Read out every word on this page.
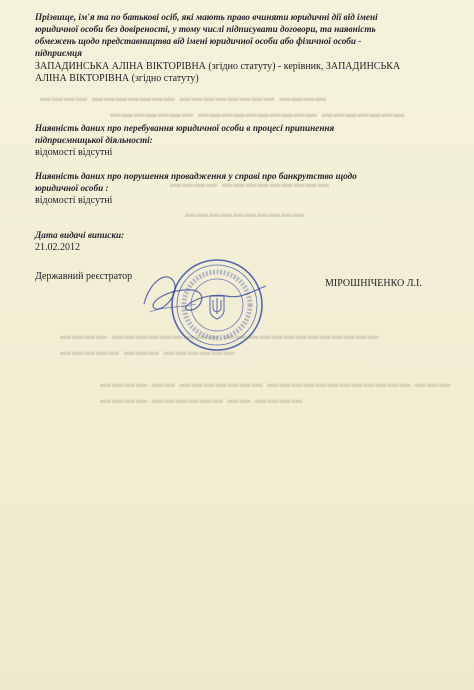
▬▬▬▬ ▬▬▬▬▬▬▬ ▬▬▬▬▬▬▬▬ ▬▬▬▬
▬▬▬▬▬▬▬ ▬▬▬▬▬▬▬▬▬▬ ▬▬▬▬▬▬▬
▬▬▬▬ ▬▬▬▬▬▬▬▬▬
▬▬▬▬▬▬▬▬▬▬
▬▬▬▬ ▬▬▬▬▬▬▬▬▬ ▬▬▬▬▬▬▬▬▬▬▬▬▬
▬▬▬▬▬ ▬▬▬ ▬▬▬▬▬▬
▬▬▬▬ ▬▬ ▬▬▬▬▬▬▬ ▬▬▬▬▬▬▬▬▬▬▬▬ ▬▬▬
▬▬▬▬ ▬▬▬▬▬▬ ▬▬ ▬▬▬▬
Прізвище, ім'я та по батькові осіб, які мають право вчиняти юридичні дії від імені
юридичної особи без довіреності, у тому числі підписувати договори, та наявність
обмежень щодо представництва від імені юридичної особи або фізичної особи -
підприємця
ЗАПАДИНСЬКА АЛІНА ВІКТОРІВНА (згідно статуту) - керівник, ЗАПАДИНСЬКА
АЛІНА ВІКТОРІВНА (згідно статуту)
Наявність даних про перебування юридичної особи в процесі припинення
підприємницької діяльності:
відомості відсутні
Наявність даних про порушення провадження у справі про банкрутство щодо
юридичної особи :
відомості відсутні
Дата видачі виписки:
21.02.2012
Державний реєстратор
МІРОШНІЧЕНКО Л.І.
